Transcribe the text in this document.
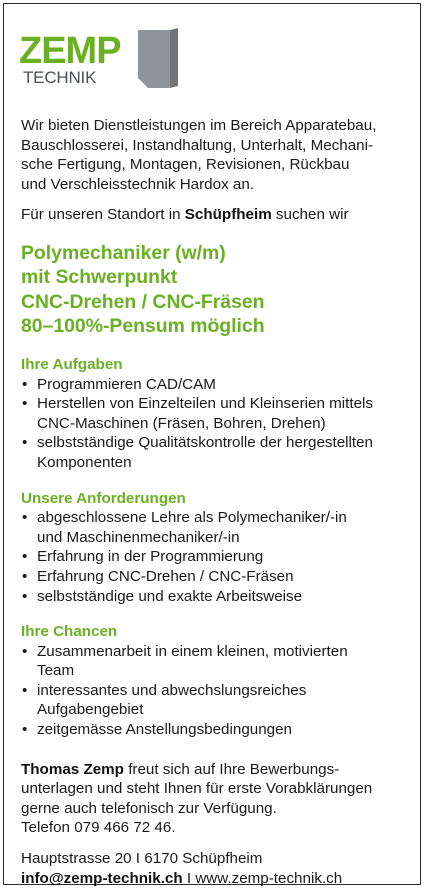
ZEMP
TECHNIKAG

Wir bieten Dienstleistungen im Bereich Apparatebau,
Bauschlosserei, Instandhaltung, Unterhalt, Mechani-
sche Fertigung, Montagen, Revisionen, Rückbau
und Verschleisstechnik Hardox an.

Für unseren Standort in Schüpfheim suchen wir

Polymechaniker (w/m)

mit Schwerpunkt

CNC-Drehen / CNC-Fräsen

80–100%-Pensum möglich

Ihre Aufgaben

• Programmieren CAD/CAM
• Herstellen von Einzelteilen und Kleinserien mittels
CNC-Maschinen (Fräsen, Bohren, Drehen)
• selbstständige Qualitätskontrolle der hergestellten
Komponenten

Unsere Anforderungen

• abgeschlossene Lehre als Polymechaniker/-in
und Maschinenmechaniker/-in
• Erfahrung in der Programmierung
• Erfahrung CNC-Drehen / CNC-Fräsen
• selbstständige und exakte Arbeitsweise

Ihre Chancen

• Zusammenarbeit in einem kleinen, motivierten
Team
• interessantes und abwechslungsreiches
Aufgabengebiet
• zeitgemässe Anstellungsbedingungen

Thomas Zemp freut sich auf Ihre Bewerbungs-
unterlagen und steht Ihnen für erste Vorabklärungen
gerne auch telefonisch zur Verfügung.
Telefon 079 466 72 46.

Hauptstrasse 20 I 6170 Schüpfheim
info@zemp-technik.ch I www.zemp-technik.ch
